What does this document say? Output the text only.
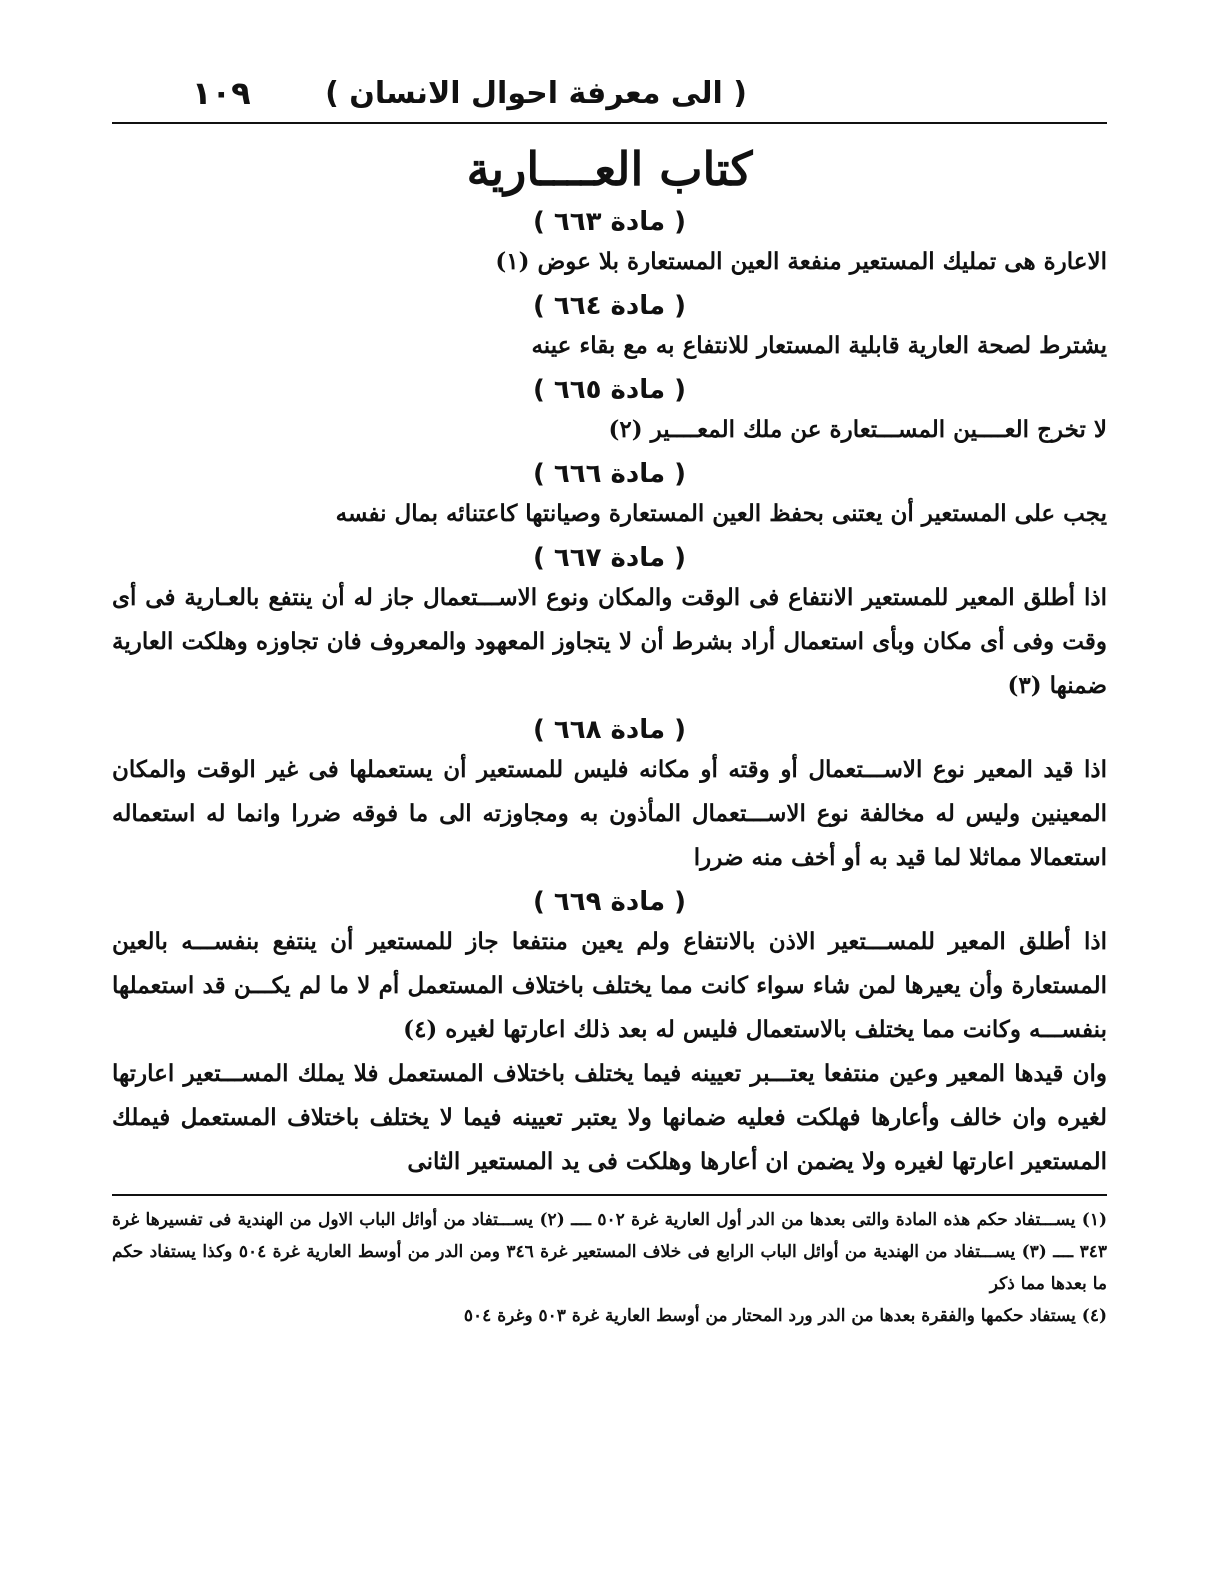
( الى معرفة احوال الانسان )
١٠٩
كتاب العــــارية
( مادة ٦٦٣ )

الاعارة هى تمليك المستعير منفعة العين المستعارة بلا عوض (١)

( مادة ٦٦٤ )

يشترط لصحة العارية قابلية المستعار للانتفاع به مع بقاء عينه

( مادة ٦٦٥ )

لا تخرج العــــين المســـتعارة عن ملك المعــــير (٢)

( مادة ٦٦٦ )

يجب على المستعير أن يعتنى بحفظ العين المستعارة وصيانتها كاعتنائه بمال نفسه

( مادة ٦٦٧ )

اذا أطلق المعير للمستعير الانتفاع فى الوقت والمكان ونوع الاســـتعمال جاز له أن ينتفع بالعـارية فى أى وقت وفى أى مكان وبأى استعمال أراد بشرط أن لا يتجاوز المعهود والمعروف فان تجاوزه وهلكت العارية ضمنها (٣)

( مادة ٦٦٨ )

اذا قيد المعير نوع الاســـتعمال أو وقته أو مكانه فليس للمستعير أن يستعملها فى غير الوقت والمكان المعينين وليس له مخالفة نوع الاســـتعمال المأذون به ومجاوزته الى ما فوقه ضررا وانما له استعماله استعمالا مماثلا لما قيد به أو أخف منه ضررا

( مادة ٦٦٩ )

اذا أطلق المعير للمســـتعير الاذن بالانتفاع ولم يعين منتفعا جاز للمستعير أن ينتفع بنفســـه بالعين المستعارة وأن يعيرها لمن شاء سواء كانت مما يختلف باختلاف المستعمل أم لا ما لم يكـــن قد استعملها بنفســـه وكانت مما يختلف بالاستعمال فليس له بعد ذلك اعارتها لغيره (٤)

وان قيدها المعير وعين منتفعا يعتـــبر تعيينه فيما يختلف باختلاف المستعمل فلا يملك المســـتعير اعارتها لغيره وان خالف وأعارها فهلكت فعليه ضمانها ولا يعتبر تعيينه فيما لا يختلف باختلاف المستعمل فيملك المستعير اعارتها لغيره ولا يضمن ان أعارها وهلكت فى يد المستعير الثانى

(١) يســـتفاد حكم هذه المادة والتى بعدها من الدر أول العارية غرة ٥٠٢ ــــ (٢) يســـتفاد من أوائل الباب الاول من الهندية فى تفسيرها غرة ٣٤٣ ــــ (٣) يســـتفاد من الهندية من أوائل الباب الرابع فى خلاف المستعير غرة ٣٤٦ ومن الدر من أوسط العارية غرة ٥٠٤ وكذا يستفاد حكم ما بعدها مما ذكر

(٤) يستفاد حكمها والفقرة بعدها من الدر ورد المحتار من أوسط العارية غرة ٥٠٣ وغرة ٥٠٤
